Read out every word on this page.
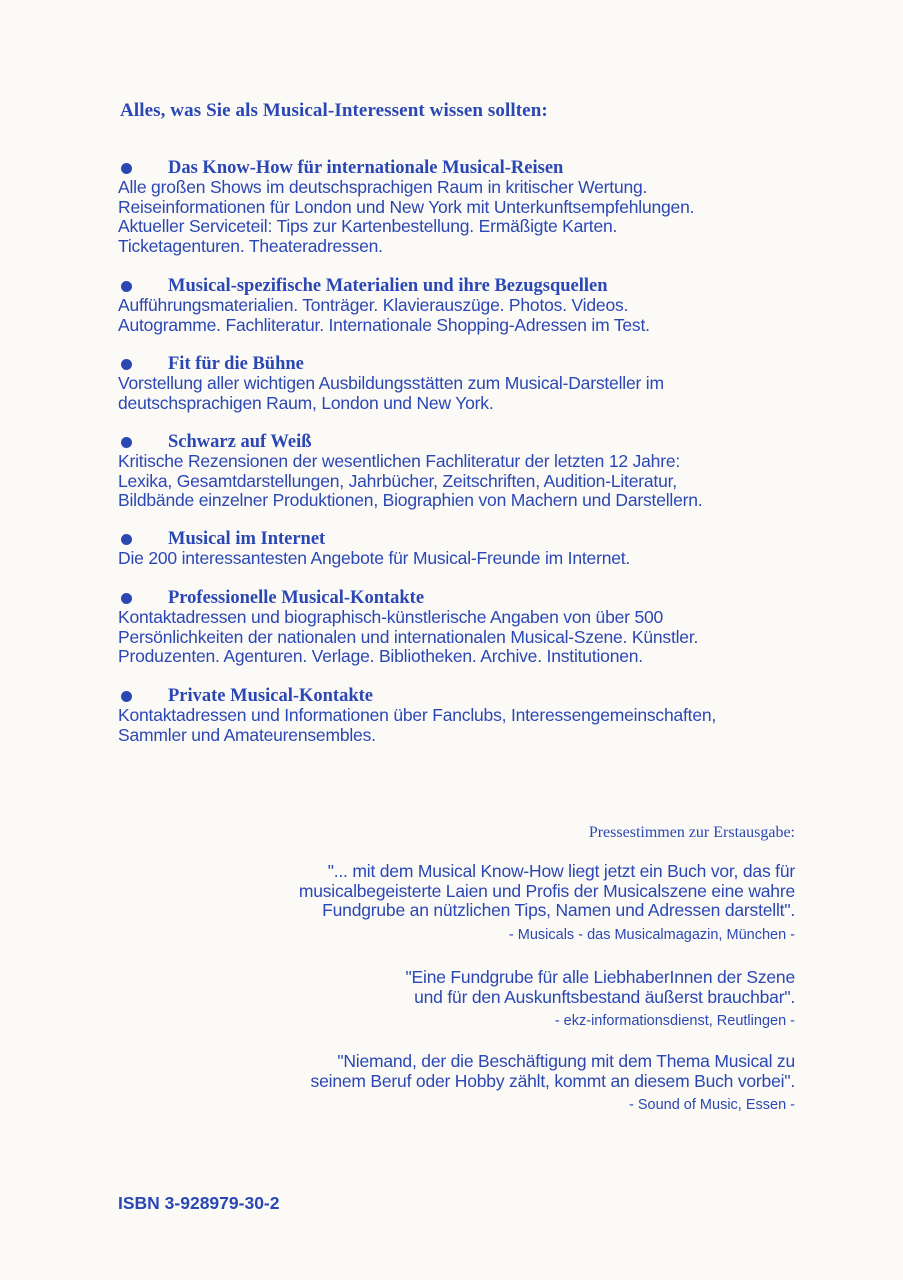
Alles, was Sie als Musical-Interessent wissen sollten:
Das Know-How für internationale Musical-Reisen
Alle großen Shows im deutschsprachigen Raum in kritischer Wertung.
Reiseinformationen für London und New York mit Unterkunftsempfehlungen.
Aktueller Serviceteil: Tips zur Kartenbestellung. Ermäßigte Karten.
Ticketagenturen. Theateradressen.
Musical-spezifische Materialien und ihre Bezugsquellen
Aufführungsmaterialien. Tonträger. Klavierauszüge. Photos. Videos.
Autogramme. Fachliteratur. Internationale Shopping-Adressen im Test.
Fit für die Bühne
Vorstellung aller wichtigen Ausbildungsstätten zum Musical-Darsteller im
deutschsprachigen Raum, London und New York.
Schwarz auf Weiß
Kritische Rezensionen der wesentlichen Fachliteratur der letzten 12 Jahre:
Lexika, Gesamtdarstellungen, Jahrbücher, Zeitschriften, Audition-Literatur,
Bildbände einzelner Produktionen, Biographien von Machern und Darstellern.
Musical im Internet
Die 200 interessantesten Angebote für Musical-Freunde im Internet.
Professionelle Musical-Kontakte
Kontaktadressen und biographisch-künstlerische Angaben von über 500
Persönlichkeiten der nationalen und internationalen Musical-Szene. Künstler.
Produzenten. Agenturen. Verlage. Bibliotheken. Archive. Institutionen.
Private Musical-Kontakte
Kontaktadressen und Informationen über Fanclubs, Interessengemeinschaften,
Sammler und Amateurensembles.
Pressestimmen zur Erstausgabe:
"... mit dem Musical Know-How liegt jetzt ein Buch vor, das für
musicalbegeisterte Laien und Profis der Musicalszene eine wahre
Fundgrube an nützlichen Tips, Namen und Adressen darstellt".
- Musicals - das Musicalmagazin, München -
"Eine Fundgrube für alle LiebhaberInnen der Szene
und für den Auskunftsbestand äußerst brauchbar".
- ekz-informationsdienst, Reutlingen -
"Niemand, der die Beschäftigung mit dem Thema Musical zu
seinem Beruf oder Hobby zählt, kommt an diesem Buch vorbei".
- Sound of Music, Essen -
ISBN 3-928979-30-2
